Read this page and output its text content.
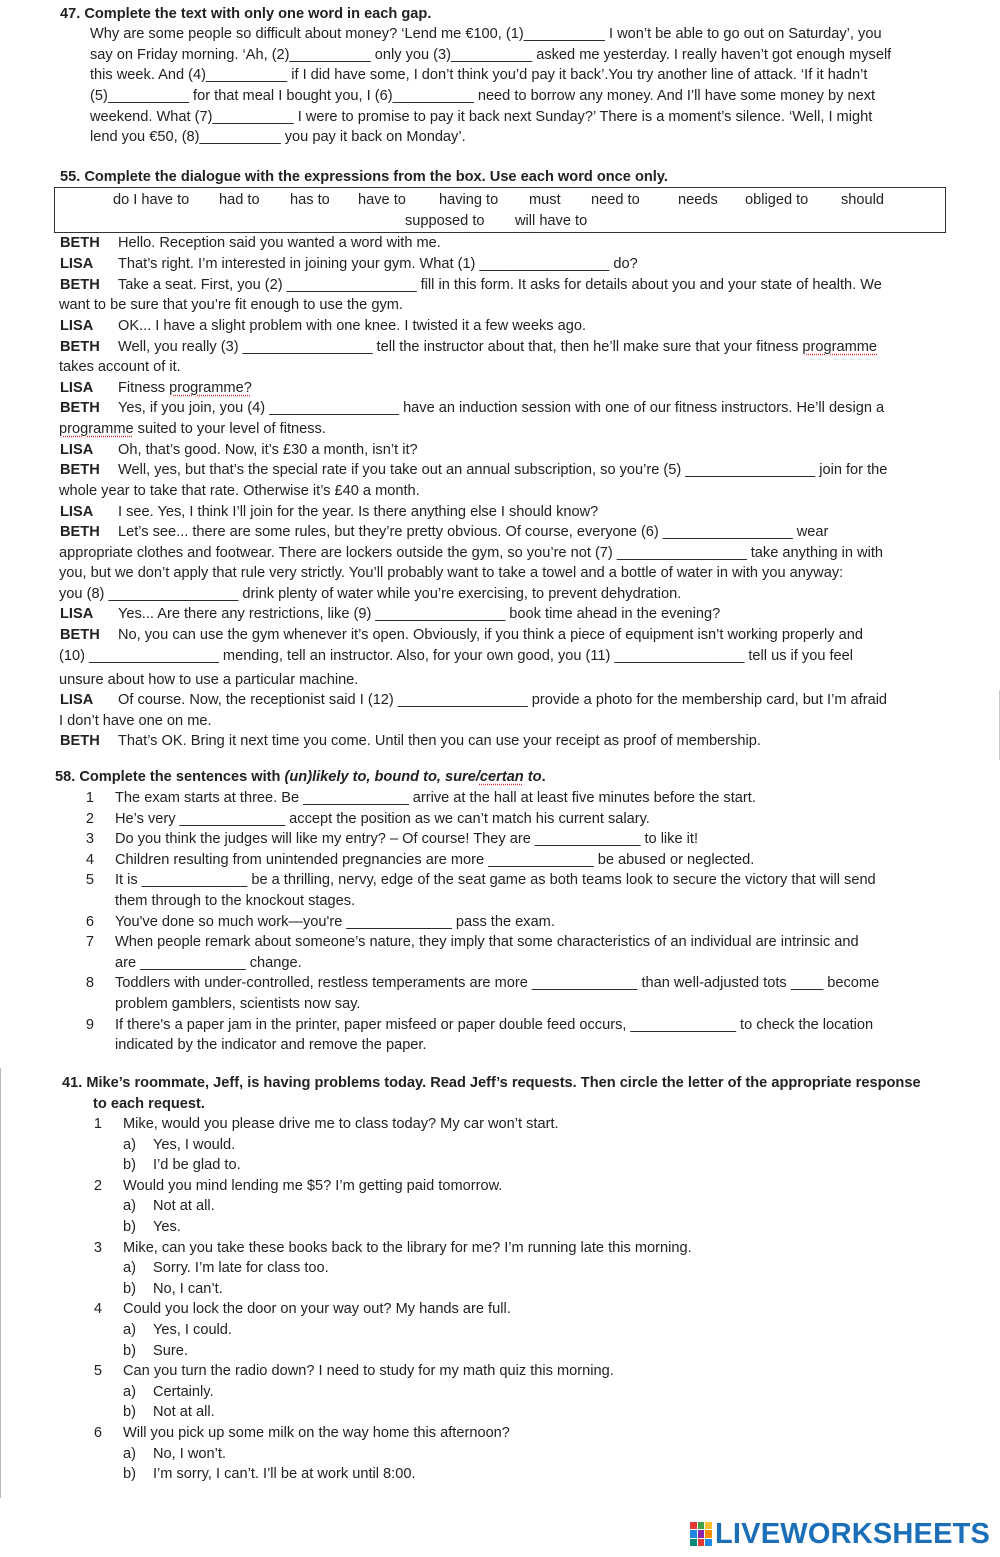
47. Complete the text with only one word in each gap.
Why are some people so difficult about money? ‘Lend me €100, (1)__________ I won’t be able to go out on Saturday’, you
say on Friday morning. ‘Ah, (2)__________ only you (3)__________ asked me yesterday. I really haven’t got enough myself
this week. And (4)__________ if I did have some, I don’t think you’d pay it back’.You try another line of attack. ‘If it hadn’t
(5)__________ for that meal I bought you, I (6)__________ need to borrow any money. And I’ll have some money by next
weekend. What (7)__________ I were to promise to pay it back next Sunday?’ There is a moment’s silence. ‘Well, I might
lend you €50, (8)__________ you pay it back on Monday’.
55. Complete the dialogue with the expressions from the box. Use each word once only.
do I have to had to has to have to having to must need to	needs obliged to should
supposed to will have to
BETH Hello. Reception said you wanted a word with me.
LISA That’s right. I’m interested in joining your gym. What (1) ________________ do?
BETH Take a seat. First, you (2) ________________ fill in this form. It asks for details about you and your state of health. We
want to be sure that you’re fit enough to use the gym.
LISA OK... I have a slight problem with one knee. I twisted it a few weeks ago.
BETH Well, you really (3) ________________ tell the instructor about that, then he’ll make sure that your fitness programme
takes account of it.
LISA Fitness programme?
BETH Yes, if you join, you (4) ________________ have an induction session with one of our fitness instructors. He’ll design a
programme suited to your level of fitness.
LISA Oh, that’s good. Now, it’s £30 a month, isn’t it?
BETH Well, yes, but that’s the special rate if you take out an annual subscription, so you’re (5) ________________ join for the
whole year to take that rate. Otherwise it’s £40 a month.
LISA I see. Yes, I think I’ll join for the year. Is there anything else I should know?
BETH Let’s see... there are some rules, but they’re pretty obvious. Of course, everyone (6) ________________ wear
appropriate clothes and footwear. There are lockers outside the gym, so you’re not (7) ________________ take anything in with
you, but we don’t apply that rule very strictly. You’ll probably want to take a towel and a bottle of water in with you anyway:
you (8) ________________ drink plenty of water while you’re exercising, to prevent dehydration.
LISA Yes... Are there any restrictions, like (9) ________________ book time ahead in the evening?
BETH No, you can use the gym whenever it’s open. Obviously, if you think a piece of equipment isn’t working properly and
(10) ________________ mending, tell an instructor. Also, for your own good, you (11) ________________ tell us if you feel
unsure about how to use a particular machine.
LISA Of course. Now, the receptionist said I (12) ________________ provide a photo for the membership card, but I’m afraid
I don’t have one on me.
BETH That’s OK. Bring it next time you come. Until then you can use your receipt as proof of membership.
58. Complete the sentences with (un)likely to, bound to, sure/certan to.
1 The exam starts at three. Be _____________ arrive at the hall at least five minutes before the start.
2 He’s very _____________ accept the position as we can’t match his current salary.
3 Do you think the judges will like my entry? – Of course! They are _____________ to like it!
4 Children resulting from unintended pregnancies are more _____________ be abused or neglected.
5 It is _____________ be a thrilling, nervy, edge of the seat game as both teams look to secure the victory that will send
them through to the knockout stages.
6 You've done so much work—you're _____________ pass the exam.
7 When people remark about someone’s nature, they imply that some characteristics of an individual are intrinsic and
are _____________ change.
8 Toddlers with under-controlled, restless temperaments are more _____________ than well-adjusted tots ____ become
problem gamblers, scientists now say.
9 If there's a paper jam in the printer, paper misfeed or paper double feed occurs, _____________ to check the location
indicated by the indicator and remove the paper.
41. Mike’s roommate, Jeff, is having problems today. Read Jeff’s requests. Then circle the letter of the appropriate response
to each request.
1 Mike, would you please drive me to class today? My car won’t start.
a) Yes, I would.
b) I’d be glad to.
2 Would you mind lending me $5? I’m getting paid tomorrow.
a) Not at all.
b) Yes.
3 Mike, can you take these books back to the library for me? I’m running late this morning.
a) Sorry. I’m late for class too.
b) No, I can’t.
4 Could you lock the door on your way out? My hands are full.
a) Yes, I could.
b) Sure.
5 Can you turn the radio down? I need to study for my math quiz this morning.
a) Certainly.
b) Not at all.
6 Will you pick up some milk on the way home this afternoon?
a) No, I won’t.
b) I’m sorry, I can’t. I’ll be at work until 8:00.
LIVEWORKSHEETS
